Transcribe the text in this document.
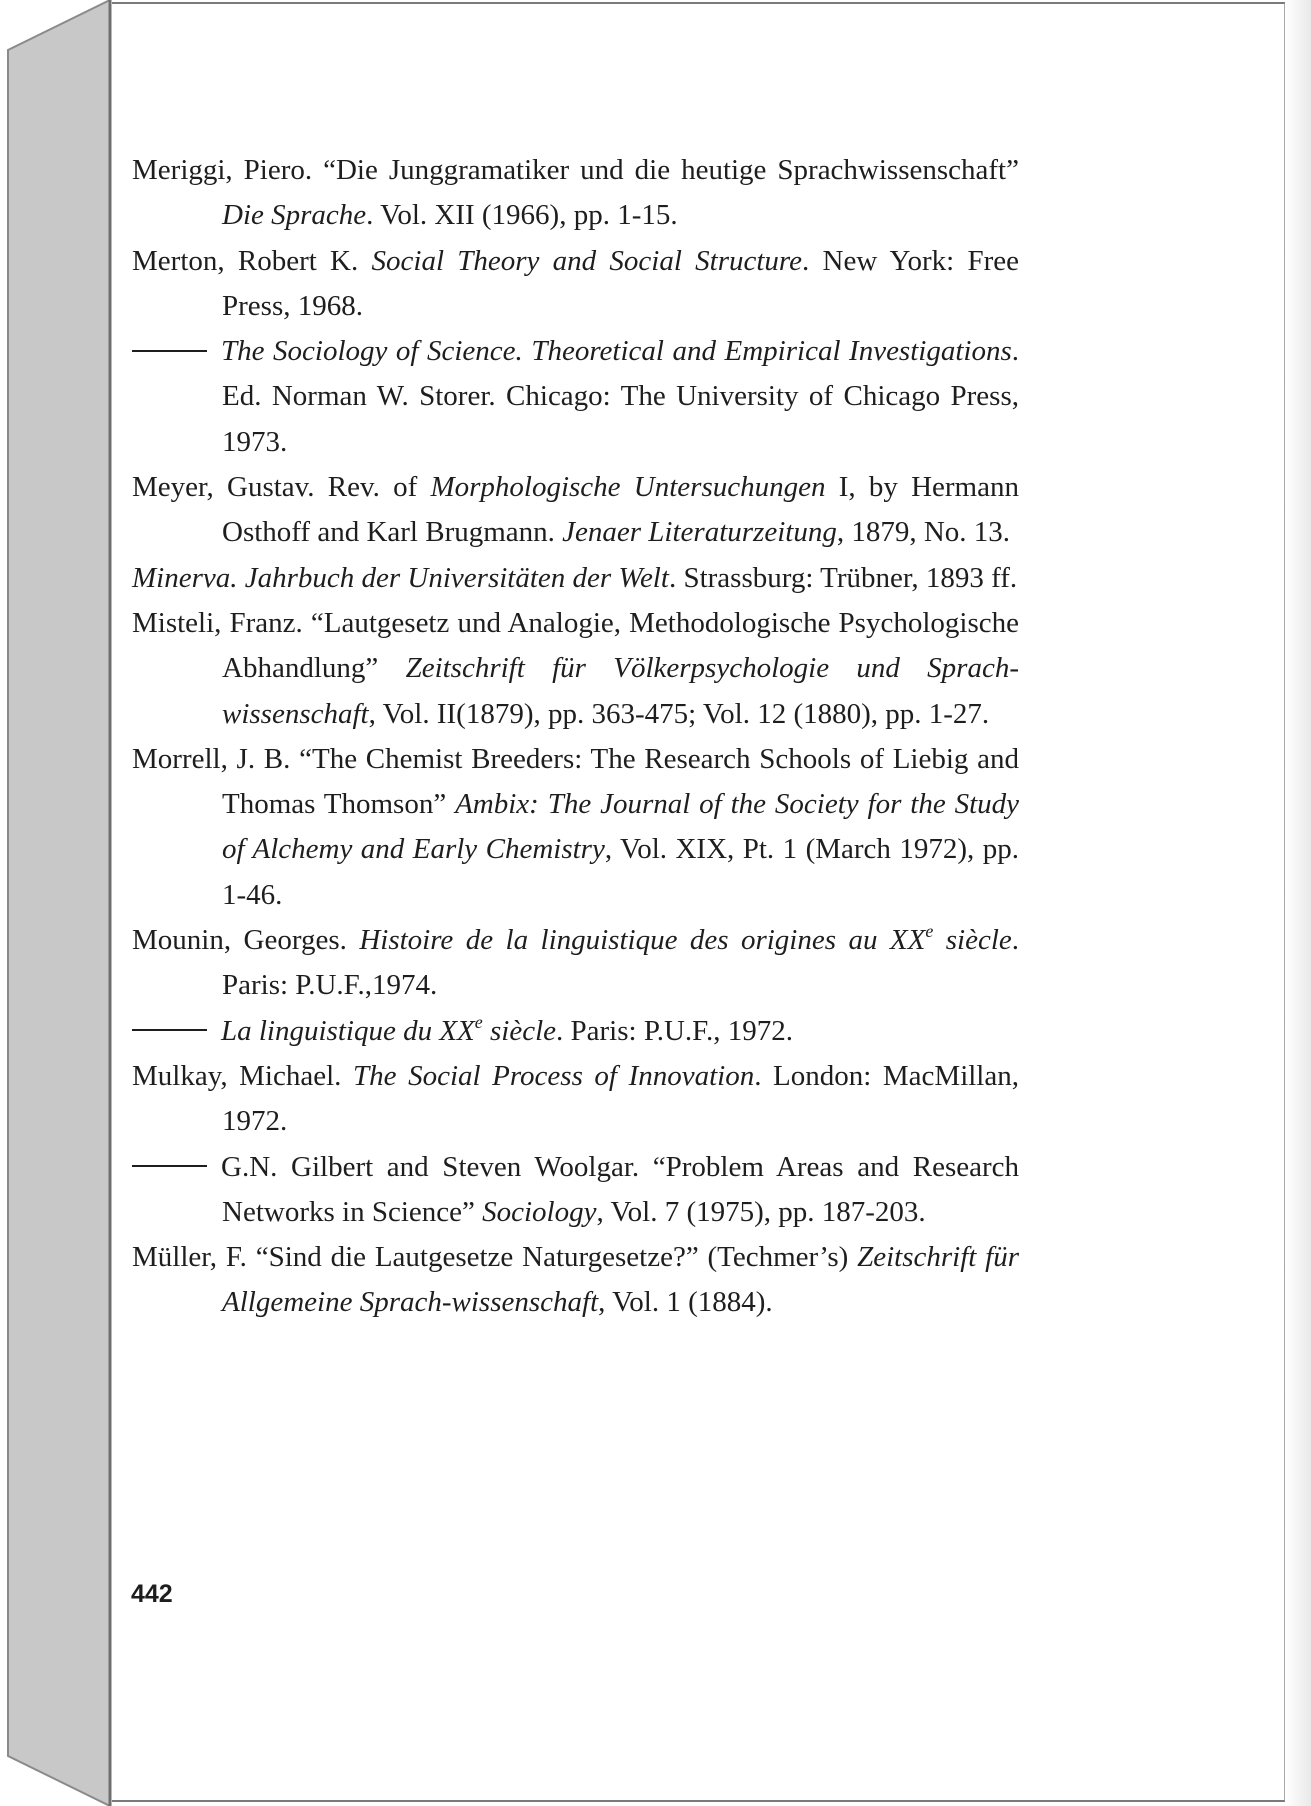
Meriggi, Piero. “Die Junggramatiker und die heutige Sprachwissenschaft” Die Sprache. Vol. XII (1966), pp. 1-15.

Merton, Robert K. Social Theory and Social Structure. New York: Free Press, 1968.

The Sociology of Science. Theoretical and Empirical Investigations. Ed. Norman W. Storer. Chicago: The University of Chicago Press, 1973.

Meyer, Gustav. Rev. of Morphologische Untersuchungen I, by Hermann Osthoff and Karl Brugmann. Jenaer Literaturzeitung, 1879, No. 13.

Minerva. Jahrbuch der Universitäten der Welt. Strassburg: Trübner, 1893 ff.

Misteli, Franz. “Lautgesetz und Analogie, Methodologische Psychologische Abhandlung” Zeitschrift für Völkerpsychologie und Sprach-wissenschaft, Vol. II(1879), pp. 363-475; Vol. 12 (1880), pp. 1-27.

Morrell, J. B. “The Chemist Breeders: The Research Schools of Liebig and Thomas Thomson” Ambix: The Journal of the Society for the Study of Alchemy and Early Chemistry, Vol. XIX, Pt. 1 (March 1972), pp. 1-46.

Mounin, Georges. Histoire de la linguistique des origines au XXe siècle. Paris: P.U.F.,1974.

La linguistique du XXe siècle. Paris: P.U.F., 1972.

Mulkay, Michael. The Social Process of Innovation. London: MacMillan, 1972.

G.N. Gilbert and Steven Woolgar. “Problem Areas and Research Networks in Science” Sociology, Vol. 7 (1975), pp. 187-203.

Müller, F. “Sind die Lautgesetze Naturgesetze?” (Techmer’s) Zeitschrift für Allgemeine Sprach-wissenschaft, Vol. 1 (1884).

442
